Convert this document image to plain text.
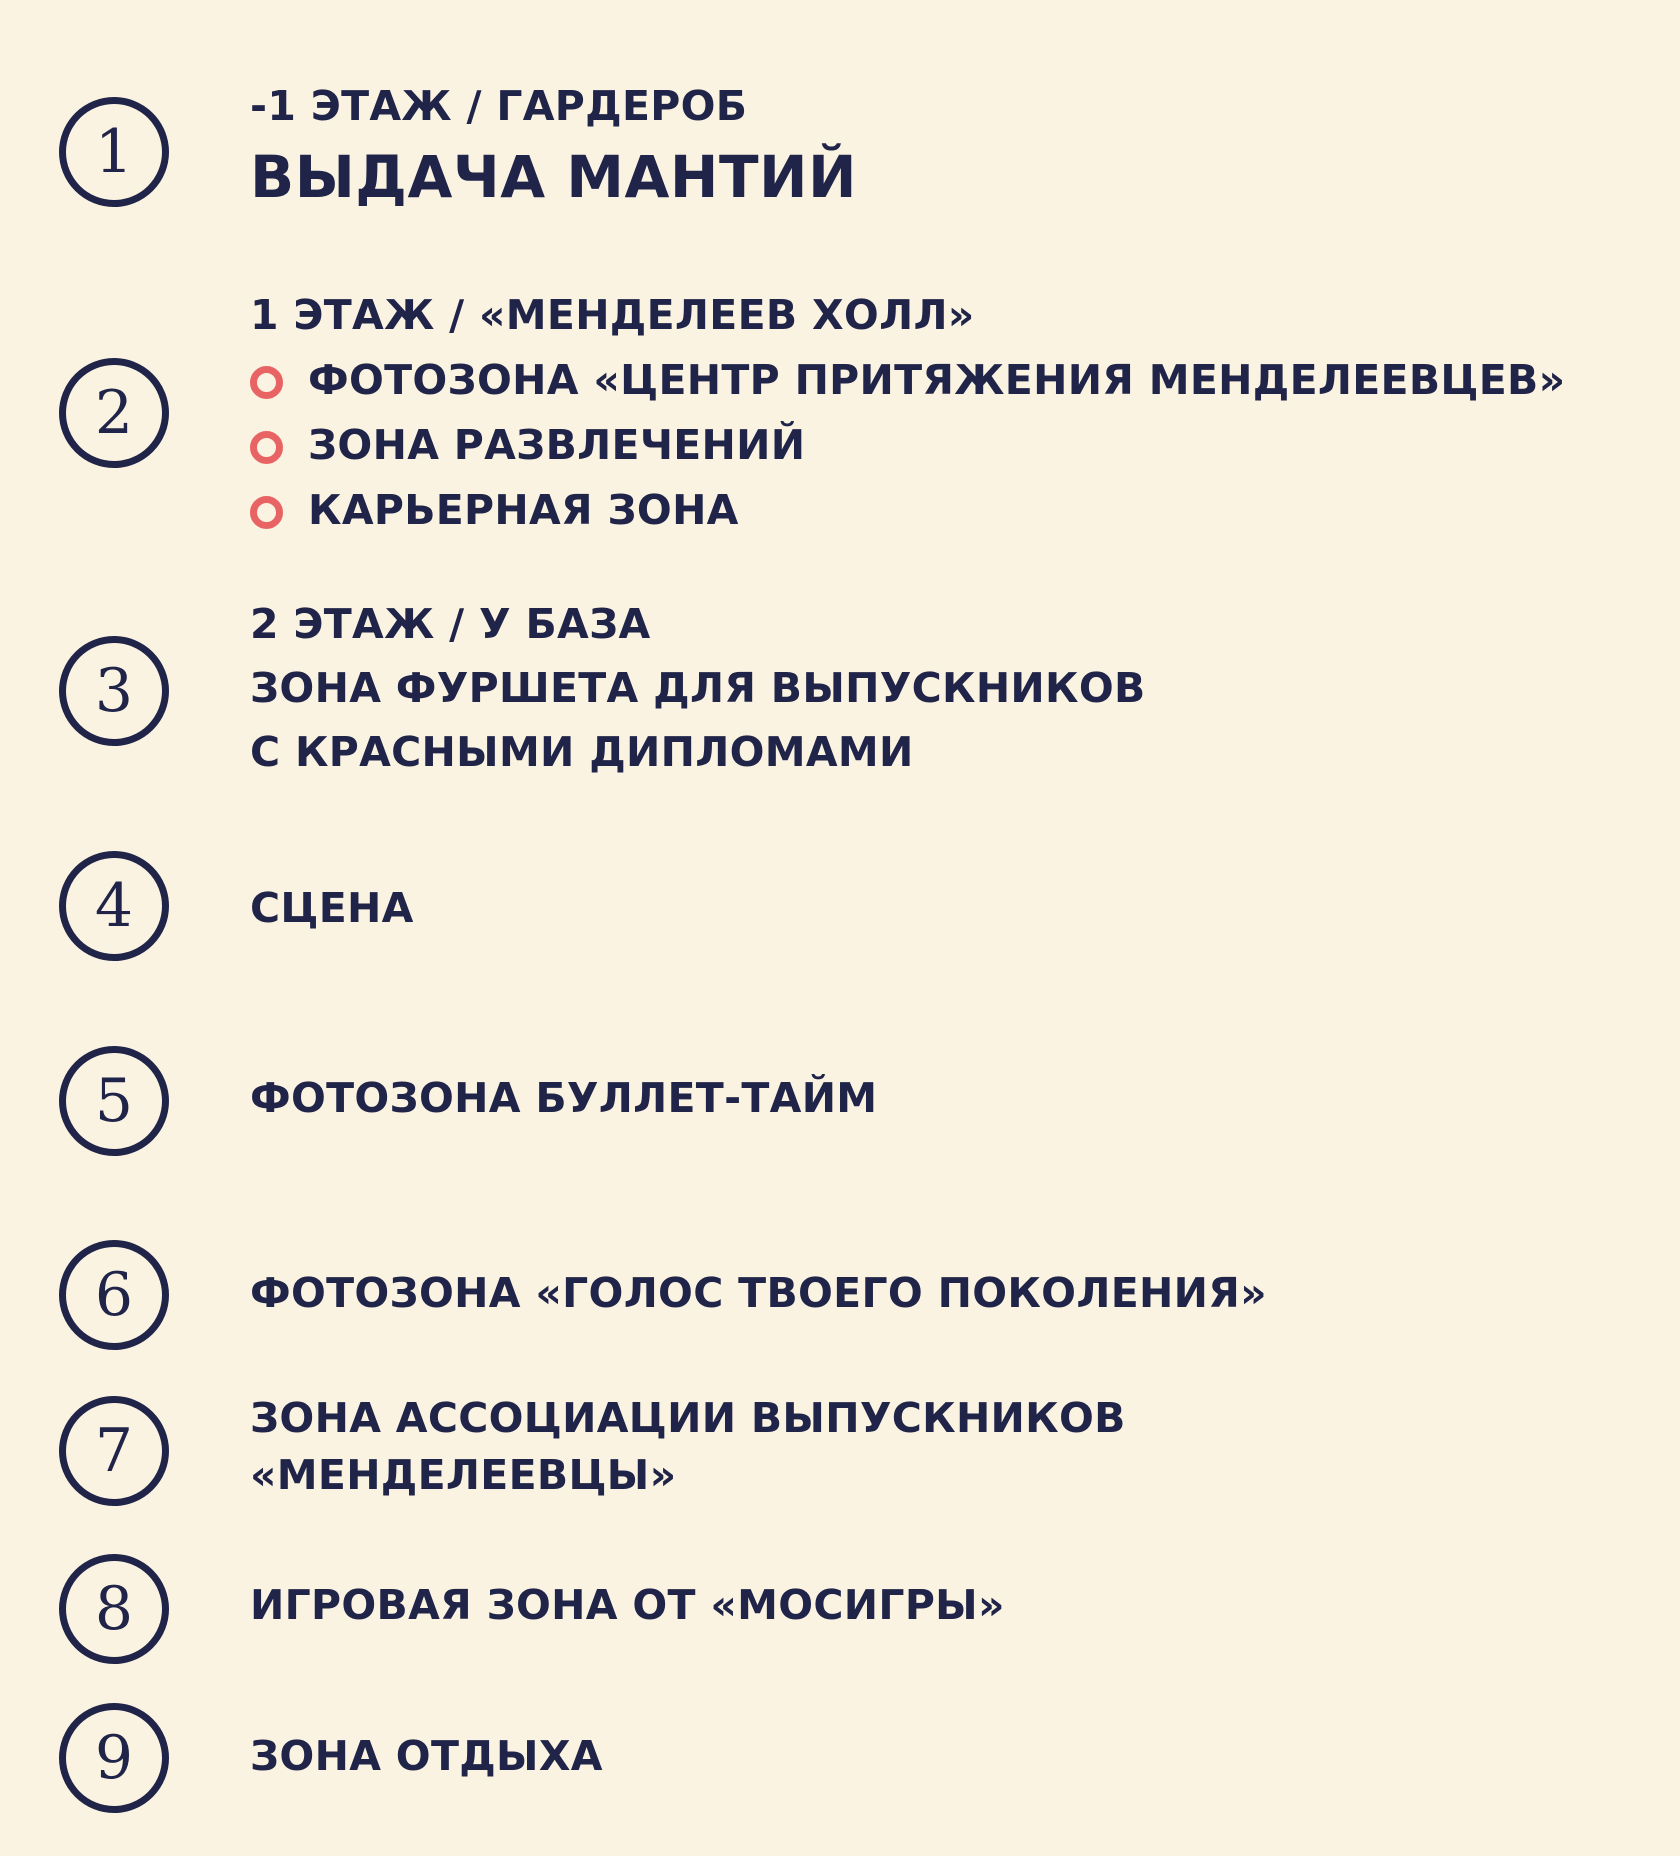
1
-1 ЭТАЖ / ГАРДЕРОБ
ВЫДАЧА МАНТИЙ
2
1 ЭТАЖ / «МЕНДЕЛЕЕВ ХОЛЛ»
ФОТОЗОНА «ЦЕНТР ПРИТЯЖЕНИЯ МЕНДЕЛЕЕВЦЕВ»
ЗОНА РАЗВЛЕЧЕНИЙ
КАРЬЕРНАЯ ЗОНА
3
2 ЭТАЖ / У БАЗА
ЗОНА ФУРШЕТА ДЛЯ ВЫПУСКНИКОВ
С КРАСНЫМИ ДИПЛОМАМИ
4	СЦЕНА
5	ФОТОЗОНА БУЛЛЕТ-ТАЙМ
6	ФОТОЗОНА «ГОЛОС ТВОЕГО ПОКОЛЕНИЯ»
7	ЗОНА АССОЦИАЦИИ ВЫПУСКНИКОВ
«МЕНДЕЛЕЕВЦЫ»
8	ИГРОВАЯ ЗОНА ОТ «МОСИГРЫ»
9	ЗОНА ОТДЫХА
